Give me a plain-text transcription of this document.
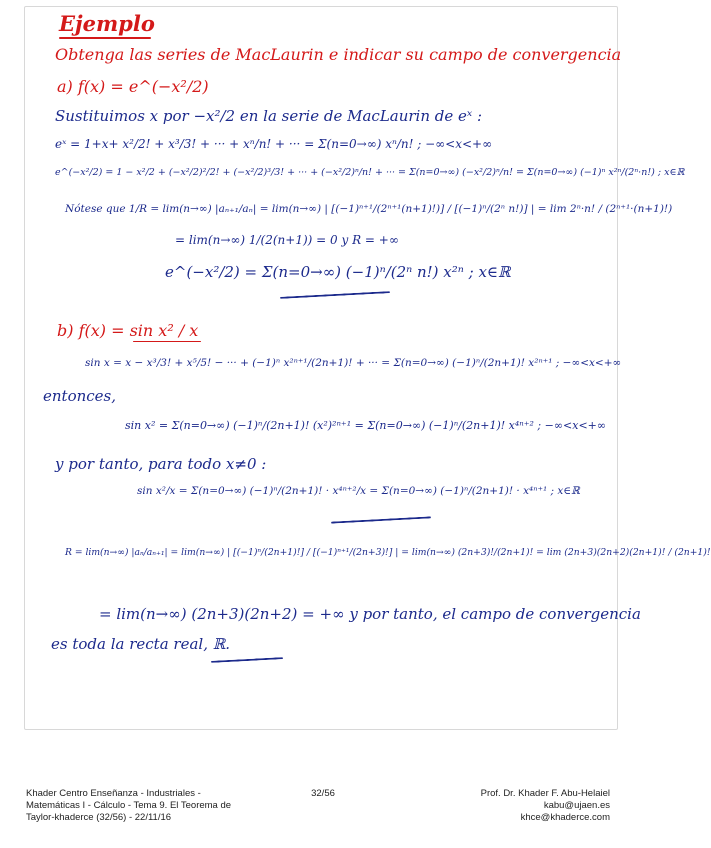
Ejemplo
Obtenga las series de MacLaurin e indicar su campo de convergencia
a) f(x) = e^(−x²/2)
Sustituimos x por −x²/2 en la serie de MacLaurin de eˣ :
eˣ = 1+x+ x²/2! + x³/3! + ··· + xⁿ/n! + ··· = Σ(n=0→∞) xⁿ/n! ; −∞<x<+∞
e^(−x²/2) = 1 − x²/2 + (−x²/2)²/2! + (−x²/2)³/3! + ··· + (−x²/2)ⁿ/n! + ··· = Σ(n=0→∞) (−x²/2)ⁿ/n! = Σ(n=0→∞) (−1)ⁿ x²ⁿ/(2ⁿ·n!) ; x∈ℝ
Nótese que 1/R = lim(n→∞) |aₙ₊₁/aₙ| = lim(n→∞) | [(−1)ⁿ⁺¹/(2ⁿ⁺¹(n+1)!)] / [(−1)ⁿ/(2ⁿ n!)] | = lim 2ⁿ·n! / (2ⁿ⁺¹·(n+1)!)
= lim(n→∞) 1/(2(n+1)) = 0 y R = +∞
e^(−x²/2) = Σ(n=0→∞) (−1)ⁿ/(2ⁿ n!) x²ⁿ ; x∈ℝ
b) f(x) = sin x² / x
sin x = x − x³/3! + x⁵/5! − ··· + (−1)ⁿ x²ⁿ⁺¹/(2n+1)! + ··· = Σ(n=0→∞) (−1)ⁿ/(2n+1)! x²ⁿ⁺¹ ; −∞<x<+∞
entonces,
sin x² = Σ(n=0→∞) (−1)ⁿ/(2n+1)! (x²)²ⁿ⁺¹ = Σ(n=0→∞) (−1)ⁿ/(2n+1)! x⁴ⁿ⁺² ; −∞<x<+∞
y por tanto, para todo x≠0 :
sin x²/x = Σ(n=0→∞) (−1)ⁿ/(2n+1)! · x⁴ⁿ⁺²/x = Σ(n=0→∞) (−1)ⁿ/(2n+1)! · x⁴ⁿ⁺¹ ; x∈ℝ
R = lim(n→∞) |aₙ/aₙ₊₁| = lim(n→∞) | [(−1)ⁿ/(2n+1)!] / [(−1)ⁿ⁺¹/(2n+3)!] | = lim(n→∞) (2n+3)!/(2n+1)! = lim (2n+3)(2n+2)(2n+1)! / (2n+1)!
= lim(n→∞) (2n+3)(2n+2) = +∞ y por tanto, el campo de convergencia
es toda la recta real, ℝ.
Khader Centro Enseñanza - Industriales -
Matemáticas I - Cálculo - Tema 9. El Teorema de
Taylor-khaderce (32/56) - 22/11/16
32/56	Prof. Dr. Khader F. Abu-Helaiel
kabu@ujaen.es
khce@khaderce.com
